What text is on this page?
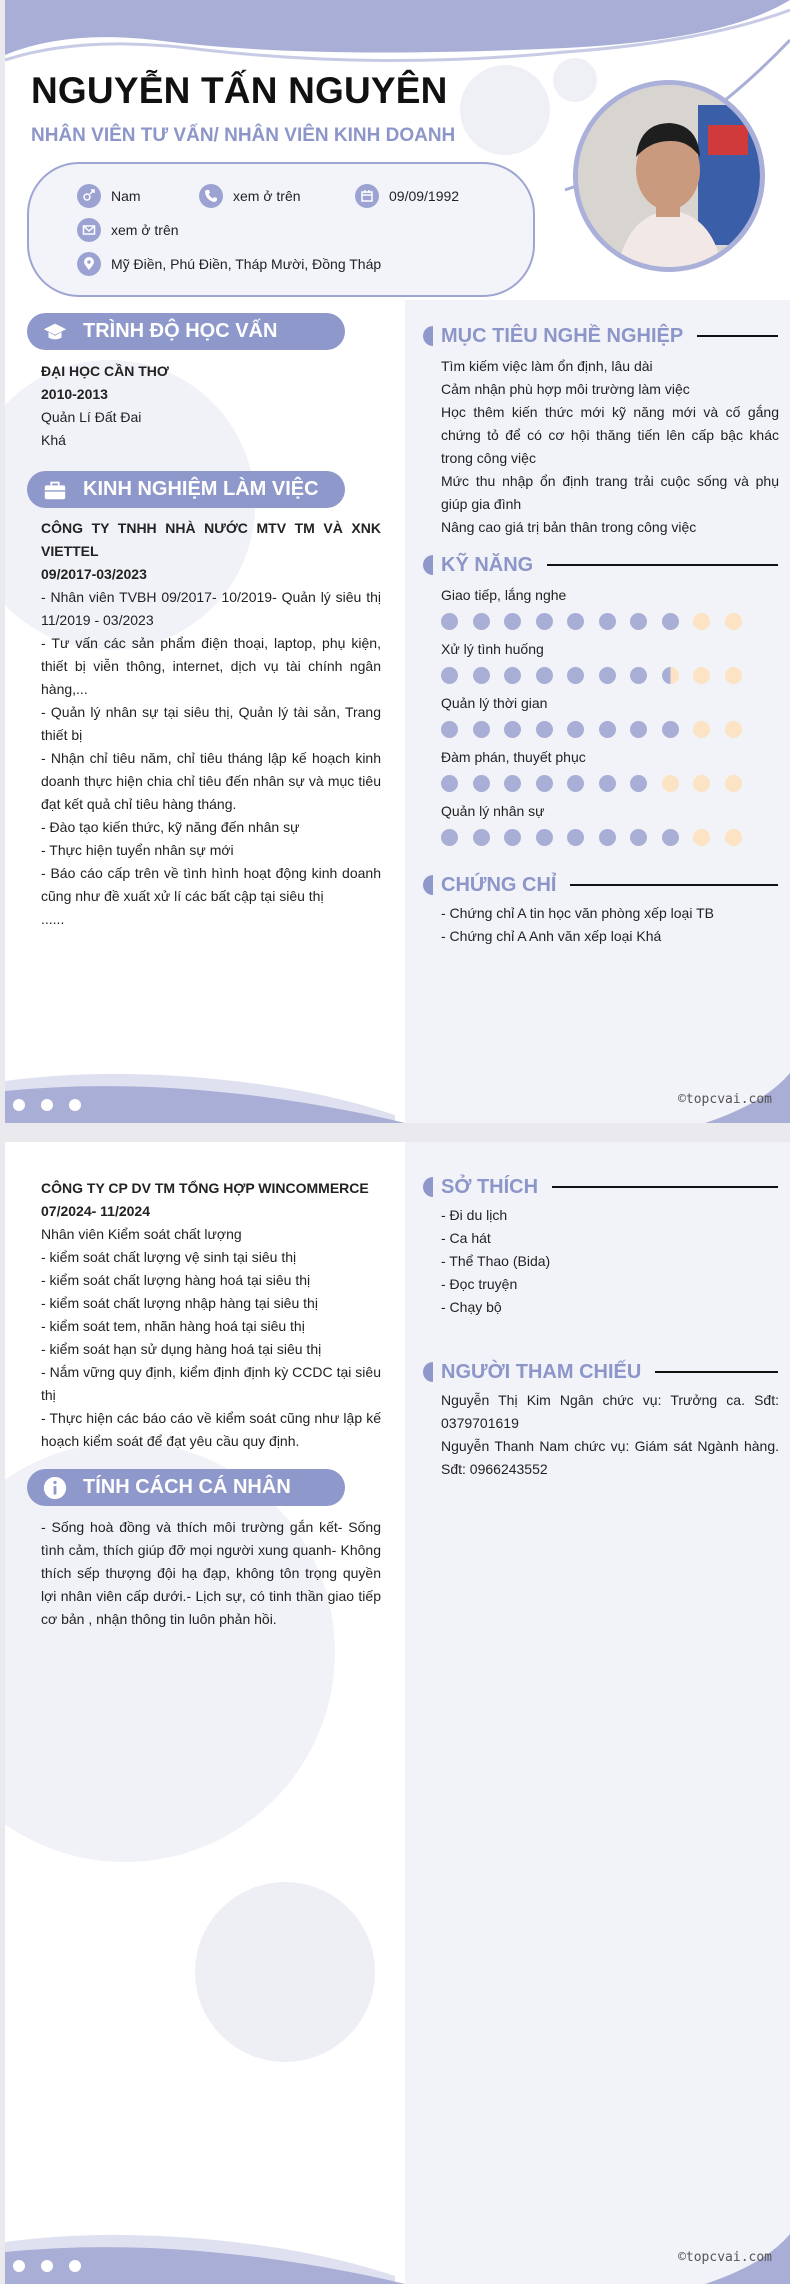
NGUYỄN TẤN NGUYÊN
NHÂN VIÊN TƯ VẤN/ NHÂN VIÊN KINH DOANH
Nam	xem ở trên	09/09/1992
xem ở trên
Mỹ Điền, Phú Điền, Tháp Mười, Đồng Tháp
TRÌNH ĐỘ HỌC VẤN
ĐẠI HỌC CẦN THƠ
2010-2013
Quản Lí Đất Đai
Khá
KINH NGHIỆM LÀM VIỆC
CÔNG TY TNHH NHÀ NƯỚC MTV TM VÀ XNK VIETTEL
09/2017-03/2023
- Nhân viên TVBH 09/2017- 10/2019- Quản lý siêu thị 11/2019 - 03/2023
- Tư vấn các sản phẩm điện thoại, laptop, phụ kiện, thiết bị viễn thông, internet, dịch vụ tài chính ngân hàng,...
- Quản lý nhân sự tại siêu thị, Quản lý tài sản, Trang thiết bị
- Nhận chỉ tiêu năm, chỉ tiêu tháng lập kế hoạch kinh doanh thực hiện chia chỉ tiêu đến nhân sự và mục tiêu đạt kết quả chỉ tiêu hàng tháng.
- Đào tạo kiến thức, kỹ năng đến nhân sự
- Thực hiện tuyển nhân sự mới
- Báo cáo cấp trên về tình hình hoạt động kinh doanh cũng như đề xuất xử lí các bất cập tại siêu thị
......
MỤC TIÊU NGHỀ NGHIỆP
Tìm kiếm việc làm ổn định, lâu dài
Cảm nhận phù hợp môi trường làm việc
Học thêm kiến thức mới kỹ năng mới và cố gắng chứng tỏ để có cơ hội thăng tiến lên cấp bậc khác trong công việc
Mức thu nhập ổn định trang trải cuộc sống và phụ giúp gia đình
Nâng cao giá trị bản thân trong công việc
KỸ NĂNG
Giao tiếp, lắng nghe
Xử lý tình huống
Quản lý thời gian
Đàm phán, thuyết phục
Quản lý nhân sự
CHỨNG CHỈ
- Chứng chỉ A tin học văn phòng xếp loại TB
- Chứng chỉ A Anh văn xếp loại Khá
©topcvai.com
CÔNG TY CP DV TM TỔNG HỢP WINCOMMERCE
07/2024- 11/2024
Nhân viên Kiểm soát chất lượng
- kiểm soát chất lượng vệ sinh tại siêu thị
- kiểm soát chất lượng hàng hoá tại siêu thị
- kiểm soát chất lượng nhập hàng tại siêu thị
- kiểm soát tem, nhãn hàng hoá tại siêu thị
- kiểm soát hạn sử dụng hàng hoá tại siêu thị
- Nắm vững quy định, kiểm định định kỳ CCDC tại siêu thị
- Thực hiện các báo cáo về kiểm soát cũng như lập kế hoạch kiểm soát để đạt yêu cầu quy định.
TÍNH CÁCH CÁ NHÂN
- Sống hoà đồng và thích môi trường gắn kết- Sống tình cảm, thích giúp đỡ mọi người xung quanh- Không thích sếp thượng đội hạ đạp, không tôn trọng quyền lợi nhân viên cấp dưới.- Lịch sự, có tinh thần giao tiếp cơ bản , nhận thông tin luôn phản hồi.
SỞ THÍCH
- Đi du lịch
- Ca hát
- Thể Thao (Bida)
- Đọc truyện
- Chạy bộ
NGƯỜI THAM CHIẾU
Nguyễn Thị Kim Ngân chức vụ: Trưởng ca. Sđt: 0379701619
Nguyễn Thanh Nam chức vụ: Giám sát Ngành hàng. Sđt: 0966243552
©topcvai.com
